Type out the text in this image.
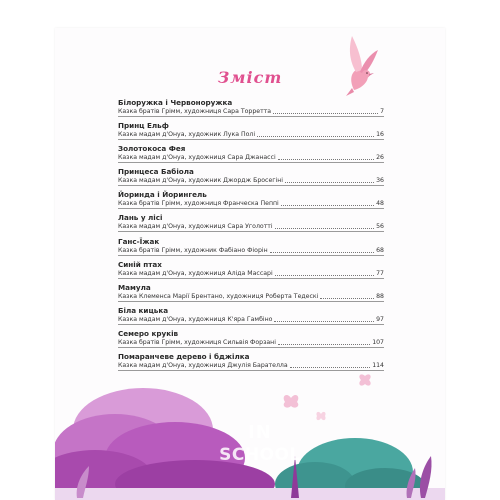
Зміст
Білоружка і Червоноружка
Казка братів Грімм, художниця Сара Торретта	7
Принц Ельф
Казка мадам д'Онуа, художник Лука Полі	16
Золотокоса Фея
Казка мадам д'Онуа, художниця Сара Джанассі	26
Принцеса Бабіола
Казка мадам д'Онуа, художник Джордж Бросегіні	36
Йоринда і Йорингель
Казка братів Грімм, художниця Франческа Пеппі	48
Лань у лісі
Казка мадам д'Онуа, художниця Сара Уголотті	56
Ганс-Їжак
Казка братів Грімм, художник Фабіано Фіорін	68
Синій птах
Казка мадам д'Онуа, художниця Аліда Массарі	77
Мамула
Казка Клеменса Марії Брентано, художниця Роберта Тедескі	88
Біла кицька
Казка мадам д'Онуа, художниця К'яра Гамбіно	97
Семеро круків
Казка братів Грімм, художниця Сильвія Форзані	107
Помаранчеве дерево і бджілка
Казка мадам д'Онуа, художниця Джулія Барателла	114
IN
SCHOOL
